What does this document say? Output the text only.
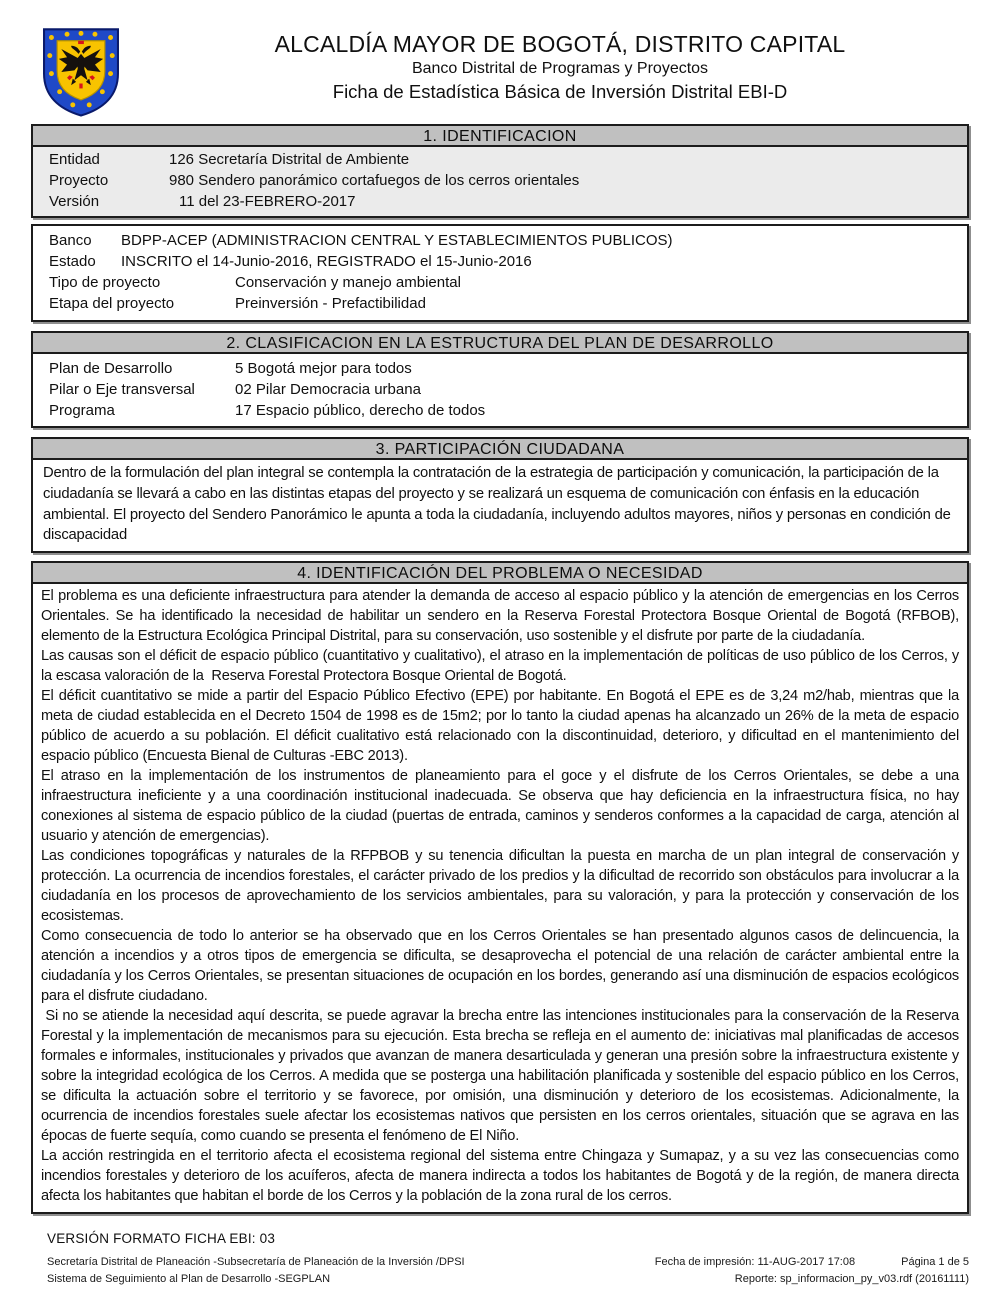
ALCALDÍA MAYOR DE BOGOTÁ, DISTRITO CAPITAL
Banco Distrital de Programas y Proyectos
Ficha de Estadística Básica de Inversión Distrital EBI-D
1. IDENTIFICACION
Entidad	126 Secretaría Distrital de Ambiente
Proyecto	980 Sendero panorámico cortafuegos de los cerros orientales
Versión	11 del 23-FEBRERO-2017
Banco	BDPP-ACEP (ADMINISTRACION CENTRAL Y ESTABLECIMIENTOS PUBLICOS)
Estado	INSCRITO el 14-Junio-2016, REGISTRADO el 15-Junio-2016
Tipo de proyecto	Conservación y manejo ambiental
Etapa del proyecto	Preinversión - Prefactibilidad
2. CLASIFICACION EN LA ESTRUCTURA DEL PLAN DE DESARROLLO
Plan de Desarrollo	5 Bogotá mejor para todos
Pilar o Eje transversal	02 Pilar Democracia urbana
Programa	17 Espacio público, derecho de todos
3. PARTICIPACIÓN CIUDADANA
Dentro de la formulación del plan integral se contempla la contratación de la estrategia de participación y comunicación, la participación de la ciudadanía se llevará a cabo en las distintas etapas del proyecto y se realizará un esquema de comunicación con énfasis en la educación ambiental. El proyecto del Sendero Panorámico le apunta a toda la ciudadanía, incluyendo adultos mayores, niños y personas en condición de discapacidad
4. IDENTIFICACIÓN DEL PROBLEMA O NECESIDAD

El problema es una deficiente infraestructura para atender la demanda de acceso al espacio público y la atención de emergencias en los Cerros Orientales. Se ha identificado la necesidad de habilitar un sendero en la Reserva Forestal Protectora Bosque Oriental de Bogotá (RFBOB), elemento de la Estructura Ecológica Principal Distrital, para su conservación, uso sostenible y el disfrute por parte de la ciudadanía.

Las causas son el déficit de espacio público (cuantitativo y cualitativo), el atraso en la implementación de políticas de uso público de los Cerros, y la escasa valoración de la  Reserva Forestal Protectora Bosque Oriental de Bogotá.

El déficit cuantitativo se mide a partir del Espacio Público Efectivo (EPE) por habitante. En Bogotá el EPE es de 3,24 m2/hab, mientras que la meta de ciudad establecida en el Decreto 1504 de 1998 es de 15m2; por lo tanto la ciudad apenas ha alcanzado un 26% de la meta de espacio público de acuerdo a su población. El déficit cualitativo está relacionado con la discontinuidad, deterioro, y dificultad en el mantenimiento del espacio público (Encuesta Bienal de Culturas -EBC 2013).

El atraso en la implementación de los instrumentos de planeamiento para el goce y el disfrute de los Cerros Orientales, se debe a una infraestructura ineficiente y a una coordinación institucional inadecuada. Se observa que hay deficiencia en la infraestructura física, no hay conexiones al sistema de espacio público de la ciudad (puertas de entrada, caminos y senderos conformes a la capacidad de carga, atención al usuario y atención de emergencias).

Las condiciones topográficas y naturales de la RFPBOB y su tenencia dificultan la puesta en marcha de un plan integral de conservación y protección. La ocurrencia de incendios forestales, el carácter privado de los predios y la dificultad de recorrido son obstáculos para involucrar a la ciudadanía en los procesos de aprovechamiento de los servicios ambientales, para su valoración, y para la protección y conservación de los ecosistemas.

Como consecuencia de todo lo anterior se ha observado que en los Cerros Orientales se han presentado algunos casos de delincuencia, la atención a incendios y a otros tipos de emergencia se dificulta, se desaprovecha el potencial de una relación de carácter ambiental entre la ciudadanía y los Cerros Orientales, se presentan situaciones de ocupación en los bordes, generando así una disminución de espacios ecológicos para el disfrute ciudadano.

Si no se atiende la necesidad aquí descrita, se puede agravar la brecha entre las intenciones institucionales para la conservación de la Reserva Forestal y la implementación de mecanismos para su ejecución. Esta brecha se refleja en el aumento de: iniciativas mal planificadas de accesos formales e informales, institucionales y privados que avanzan de manera desarticulada y generan una presión sobre la infraestructura existente y sobre la integridad ecológica de los Cerros. A medida que se posterga una habilitación planificada y sostenible del espacio público en los Cerros, se dificulta la actuación sobre el territorio y se favorece, por omisión, una disminución y deterioro de los ecosistemas. Adicionalmente, la ocurrencia de incendios forestales suele afectar los ecosistemas nativos que persisten en los cerros orientales, situación que se agrava en las épocas de fuerte sequía, como cuando se presenta el fenómeno de El Niño.

La acción restringida en el territorio afecta el ecosistema regional del sistema entre Chingaza y Sumapaz, y a su vez las consecuencias como incendios forestales y deterioro de los acuíferos, afecta de manera indirecta a todos los habitantes de Bogotá y de la región, de manera directa afecta los habitantes que habitan el borde de los Cerros y la población de la zona rural de los cerros.

VERSIÓN FORMATO FICHA EBI: 03
Secretaría Distrital de Planeación -Subsecretaría de Planeación de la Inversión /DPSI
Sistema de Seguimiento al Plan de Desarrollo -SEGPLAN
Fecha de impresión: 11-AUG-2017 17:08	Página 1 de 5
Reporte: sp_informacion_py_v03.rdf (20161111)
